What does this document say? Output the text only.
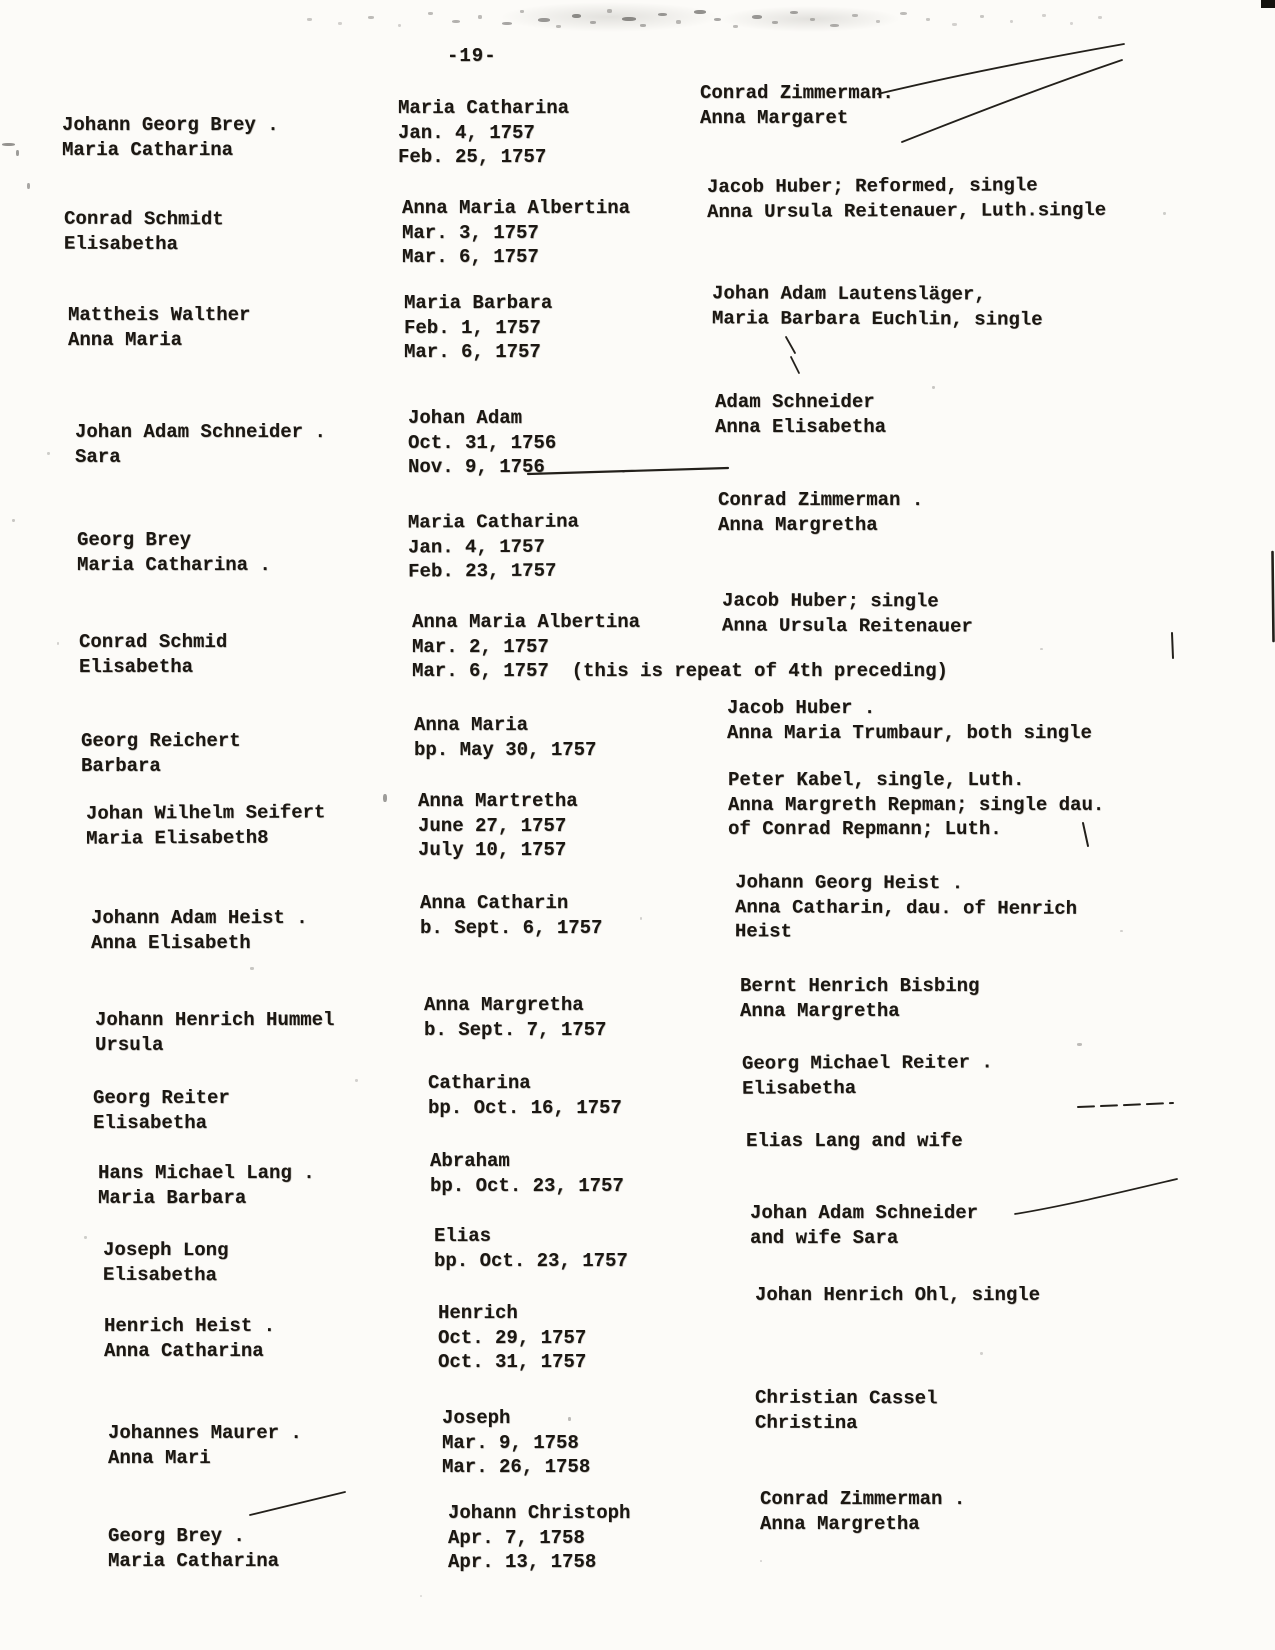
-19-
Johann Georg Brey .
Maria Catharina
Maria Catharina
Jan. 4, 1757
Feb. 25, 1757
Conrad Zimmerman.
Anna Margaret
Conrad Schmidt
Elisabetha
Anna Maria Albertina
Mar. 3, 1757
Mar. 6, 1757
Jacob Huber; Reformed, single
Anna Ursula Reitenauer, Luth.single
Mattheis Walther
Anna Maria
Maria Barbara
Feb. 1, 1757
Mar. 6, 1757
Johan Adam Lautensläger,
Maria Barbara Euchlin, single
Johan Adam Schneider .
Sara
Johan Adam
Oct. 31, 1756
Nov. 9, 1756
Adam Schneider
Anna Elisabetha
Georg Brey
Maria Catharina .
Maria Catharina
Jan. 4, 1757
Feb. 23, 1757
Conrad Zimmerman .
Anna Margretha
Conrad Schmid
Elisabetha
Anna Maria Albertina
Mar. 2, 1757
Mar. 6, 1757  (this is repeat of 4th preceding)
Jacob Huber; single
Anna Ursula Reitenauer
Georg Reichert
Barbara
Anna Maria
bp. May 30, 1757
Jacob Huber .
Anna Maria Trumbaur, both single
Johan Wilhelm Seifert
Maria Elisabeth8
Anna Martretha
June 27, 1757
July 10, 1757
Peter Kabel, single, Luth.
Anna Margreth Repman; single dau.
of Conrad Repmann; Luth.
Johann Adam Heist .
Anna Elisabeth
Anna Catharin
b. Sept. 6, 1757
Johann Georg Heist .
Anna Catharin, dau. of Henrich
Heist
Johann Henrich Hummel
Ursula
Anna Margretha
b. Sept. 7, 1757
Bernt Henrich Bisbing
Anna Margretha
Georg Reiter
Elisabetha
Catharina
bp. Oct. 16, 1757
Georg Michael Reiter .
Elisabetha
Hans Michael Lang .
Maria Barbara
Abraham
bp. Oct. 23, 1757
Elias Lang and wife
Joseph Long
Elisabetha
Elias
bp. Oct. 23, 1757
Johan Adam Schneider
and wife Sara
Henrich Heist .
Anna Catharina
Henrich
Oct. 29, 1757
Oct. 31, 1757
Johan Henrich Ohl, single
Johannes Maurer .
Anna Mari
Joseph
Mar. 9, 1758
Mar. 26, 1758
Christian Cassel
Christina
Georg Brey .
Maria Catharina
Johann Christoph
Apr. 7, 1758
Apr. 13, 1758
Conrad Zimmerman .
Anna Margretha
